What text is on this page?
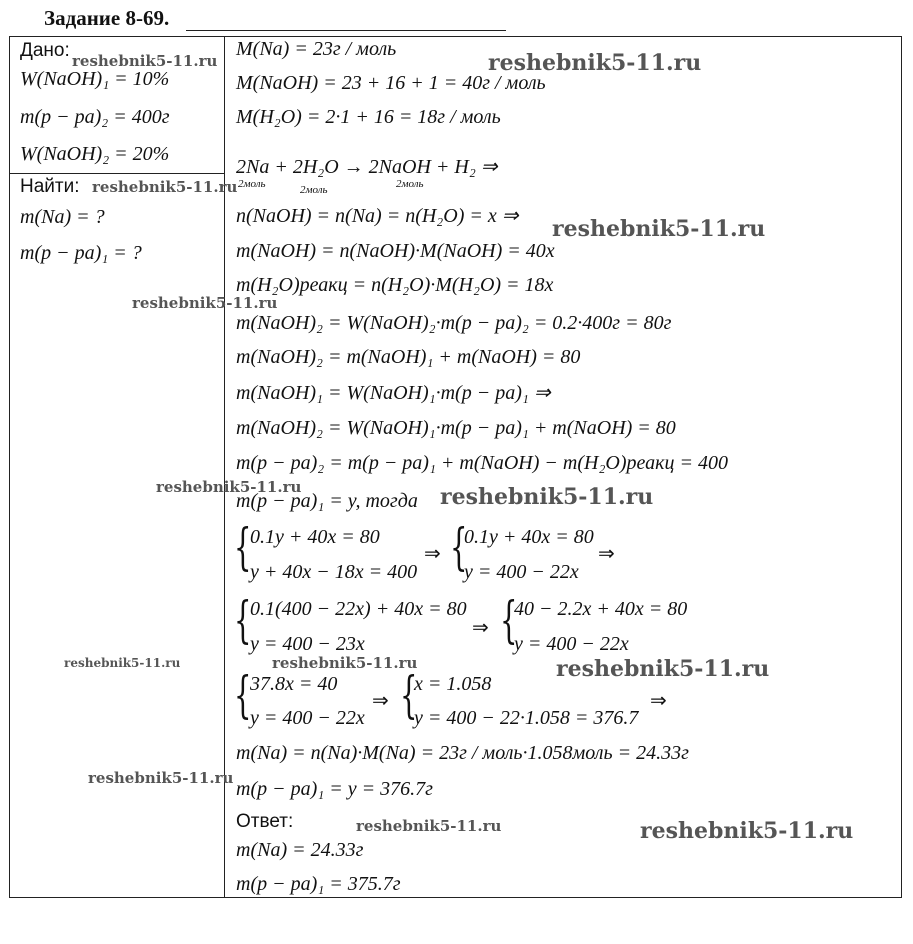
Задание 8-69.
Дано:
W(NaOH)₁ = 10%
m(p − pa)₂ = 400г
W(NaOH)₂ = 20%
Найти:
m(Na) = ?
m(p − pa)₁ = ?
M(Na) = 23г / моль
M(NaOH) = 23 + 16 + 1 = 40г / моль
M(H₂O) = 2·1 + 16 = 18г / моль
2Na + 2H₂O → 2NaOH + H₂ ⇒
2моль	2моль	2моль
n(NaOH) = n(Na) = n(H₂O) = x ⇒
m(NaOH) = n(NaOH)·M(NaOH) = 40x
m(H₂O)реакц = n(H₂O)·M(H₂O) = 18x
m(NaOH)₂ = W(NaOH)₂·m(p − pa)₂ = 0.2·400г = 80г
m(NaOH)₂ = m(NaOH)₁ + m(NaOH) = 80
m(NaOH)₁ = W(NaOH)₁·m(p − pa)₁ ⇒
m(NaOH)₂ = W(NaOH)₁·m(p − pa)₁ + m(NaOH) = 80
m(p − pa)₂ = m(p − pa)₁ + m(NaOH) − m(H₂O)реакц = 400
m(p − pa)₁ = y, тогда
{
0.1y + 40x = 80
y + 40x − 18x = 400
⇒ {
0.1y + 40x = 80
y = 400 − 22x
⇒
{
0.1(400 − 22x) + 40x = 80
y = 400 − 23x
⇒ {
40 − 2.2x + 40x = 80
y = 400 − 22x
{
37.8x = 40
y = 400 − 22x
⇒ {
x = 1.058
y = 400 − 22·1.058 = 376.7
⇒
m(Na) = n(Na)·M(Na) = 23г / моль·1.058моль = 24.33г
m(p − pa)₁ = y = 376.7г
Ответ:
m(Na) = 24.33г
m(p − pa)₁ = 375.7г
reshebnik5-11.ru	reshebnik5-11.ru
reshebnik5-11.ru
reshebnik5-11.ru
reshebnik5-11.ru
reshebnik5-11.ru	reshebnik5-11.ru
reshebnik5-11.ru	reshebnik5-11.ru	reshebnik5-11.ru
reshebnik5-11.ru
reshebnik5-11.ru	reshebnik5-11.ru
